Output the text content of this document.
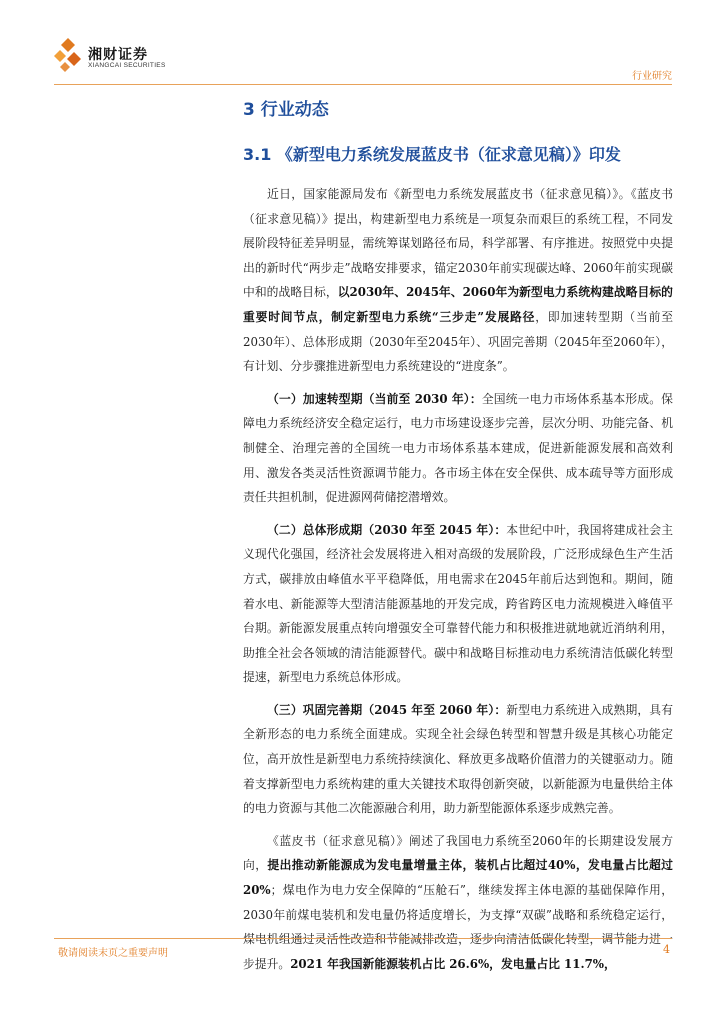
湘财证券
XIANGCAI SECURITIES
行业研究
3 行业动态
3.1 《新型电力系统发展蓝皮书（征求意见稿）》印发

近日，国家能源局发布《新型电力系统发展蓝皮书（征求意见稿）》。《蓝皮书（征求意见稿）》提出，构建新型电力系统是一项复杂而艰巨的系统工程，不同发展阶段特征差异明显，需统筹谋划路径布局，科学部署、有序推进。按照党中央提出的新时代“两步走”战略安排要求，锚定2030年前实现碳达峰、2060年前实现碳中和的战略目标，以2030年、2045年、2060年为新型电力系统构建战略目标的重要时间节点，制定新型电力系统“三步走”发展路径，即加速转型期（当前至2030年）、总体形成期（2030年至2045年）、巩固完善期（2045年至2060年），有计划、分步骤推进新型电力系统建设的“进度条”。

（一）加速转型期（当前至 2030 年）：全国统一电力市场体系基本形成。保障电力系统经济安全稳定运行，电力市场建设逐步完善，层次分明、功能完备、机制健全、治理完善的全国统一电力市场体系基本建成，促进新能源发展和高效利用、激发各类灵活性资源调节能力。各市场主体在安全保供、成本疏导等方面形成责任共担机制，促进源网荷储挖潜增效。

（二）总体形成期（2030 年至 2045 年）：本世纪中叶，我国将建成社会主义现代化强国，经济社会发展将进入相对高级的发展阶段，广泛形成绿色生产生活方式，碳排放由峰值水平平稳降低，用电需求在2045年前后达到饱和。期间，随着水电、新能源等大型清洁能源基地的开发完成，跨省跨区电力流规模进入峰值平台期。新能源发展重点转向增强安全可靠替代能力和积极推进就地就近消纳利用，助推全社会各领域的清洁能源替代。碳中和战略目标推动电力系统清洁低碳化转型提速，新型电力系统总体形成。

（三）巩固完善期（2045 年至 2060 年）：新型电力系统进入成熟期，具有全新形态的电力系统全面建成。实现全社会绿色转型和智慧升级是其核心功能定位，高开放性是新型电力系统持续演化、释放更多战略价值潜力的关键驱动力。随着支撑新型电力系统构建的重大关键技术取得创新突破，以新能源为电量供给主体的电力资源与其他二次能源融合利用，助力新型能源体系逐步成熟完善。

《蓝皮书（征求意见稿）》阐述了我国电力系统至2060年的长期建设发展方向，提出推动新能源成为发电量增量主体，装机占比超过40%，发电量占比超过20%；煤电作为电力安全保障的“压舱石”，继续发挥主体电源的基础保障作用，2030年前煤电装机和发电量仍将适度增长，为支撑“双碳”战略和系统稳定运行，煤电机组通过灵活性改造和节能减排改造，逐步向清洁低碳化转型，调节能力进一步提升。2021 年我国新能源装机占比 26.6%，发电量占比 11.7%，

敬请阅读末页之重要声明	4
